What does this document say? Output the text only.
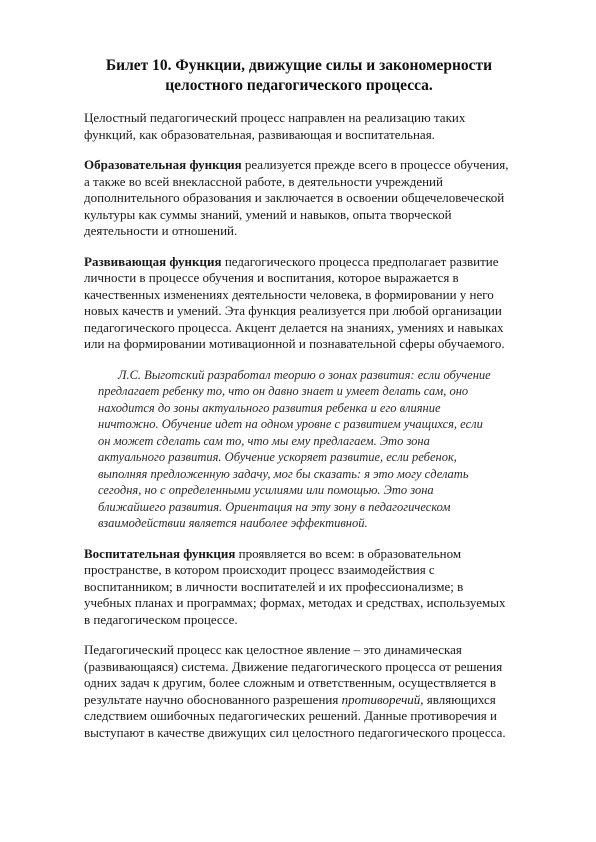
Билет 10. Функции, движущие силы и закономерности целостного педагогического процесса.

Целостный педагогический процесс направлен на реализацию таких функций, как образовательная, развивающая и воспитательная.

Образовательная функция реализуется прежде всего в процессе обучения, а также во всей внеклассной работе, в деятельности учреждений дополнительного образования и заключается в освоении общечеловеческой культуры как суммы знаний, умений и навыков, опыта творческой деятельности и отношений.

Развивающая функция педагогического процесса предполагает развитие личности в процессе обучения и воспитания, которое выражается в качественных изменениях деятельности человека, в формировании у него новых качеств и умений. Эта функция реализуется при любой организации педагогического процесса. Акцент делается на знаниях, умениях и навыках или на формировании мотивационной и познавательной сферы обучаемого.

Л.С. Выготский разработал теорию о зонах развития: если обучение предлагает ребенку то, что он давно знает и умеет делать сам, оно находится до зоны актуального развития ребенка и его влияние ничтожно. Обучение идет на одном уровне с развитием учащихся, если он может сделать сам то, что мы ему предлагаем. Это зона актуального развития. Обучение ускоряет развитие, если ребенок, выполняя предложенную задачу, мог бы сказать: я это могу сделать сегодня, но с определенными усилиями или помощью. Это зона ближайшего развития. Ориентация на эту зону в педагогическом взаимодействии является наиболее эффективной.

Воспитательная функция проявляется во всем: в образовательном пространстве, в котором происходит процесс взаимодействия с воспитанником; в личности воспитателей и их профессионализме; в учебных планах и программах; формах, методах и средствах, используемых в педагогическом процессе.

Педагогический процесс как целостное явление – это динамическая (развивающаяся) система. Движение педагогического процесса от решения одних задач к другим, более сложным и ответственным, осуществляется в результате научно обоснованного разрешения противоречий, являющихся следствием ошибочных педагогических решений. Данные противоречия и выступают в качестве движущих сил целостного педагогического процесса.
